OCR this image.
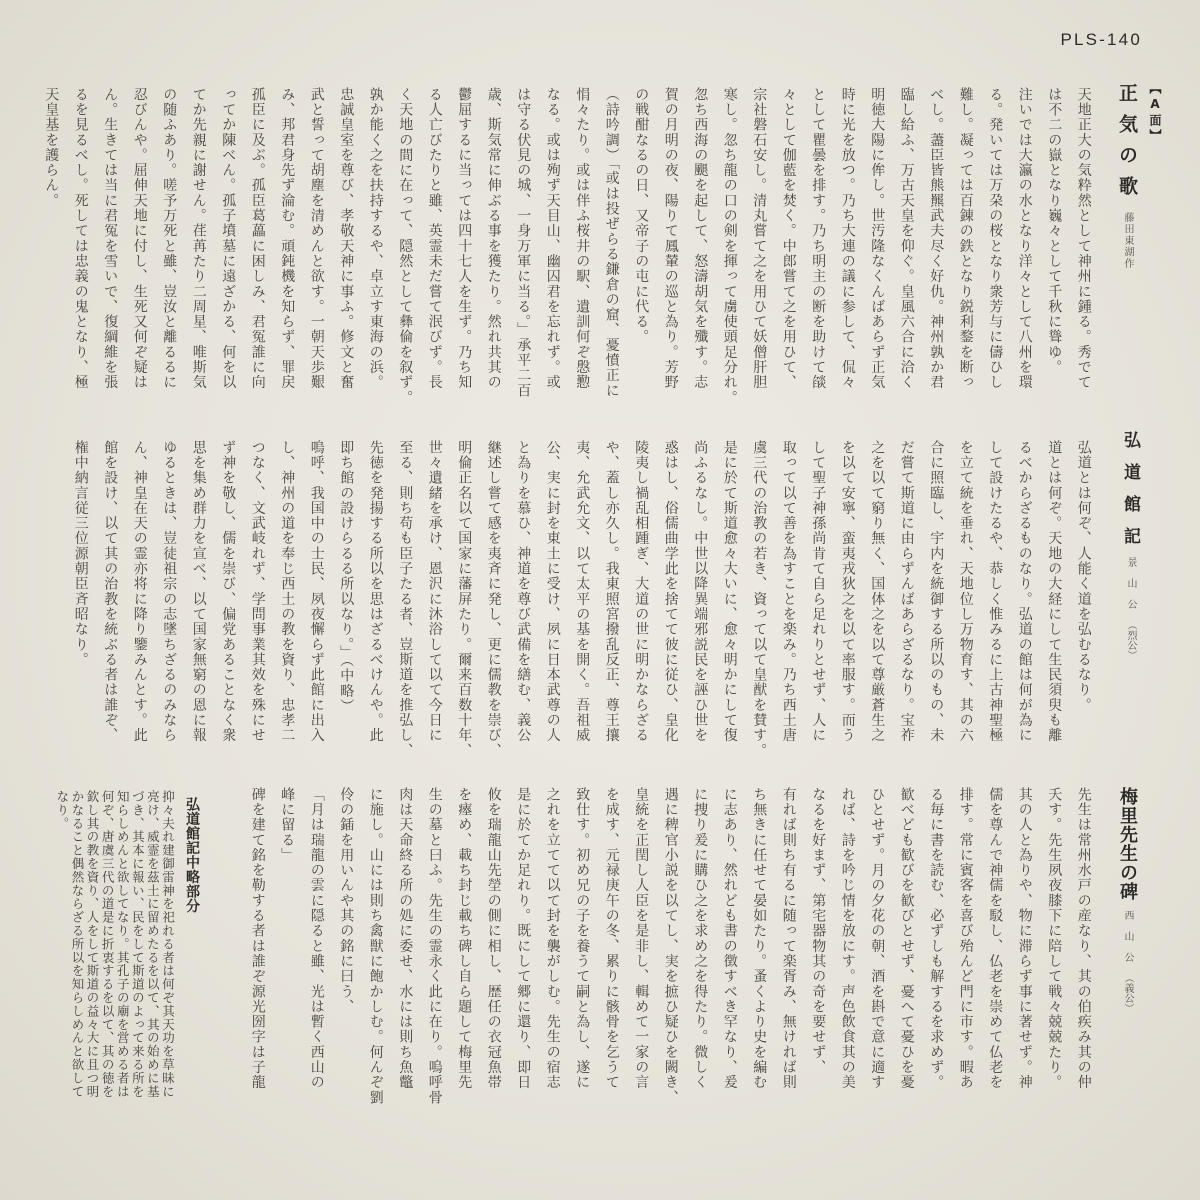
PLS-140
【A面】
正気の歌
藤田東湖作
天地正大の気粋然として神州に鍾る。秀でて
は不二の嶽となり巍々として千秋に聳ゆ。
注いでは大瀛の水となり洋々として八州を環
る。発いては万朶の桜となり衆芳与に儔ひし
難し。凝っては百錬の鉄となり鋭利鍪を断っ
べし。藎臣皆熊羆武夫尽く好仇。神州孰か君
臨し給ふ、万古天皇を仰ぐ。皇風六合に洽く
明徳大陽に侔し。世汚隆なくんばあらず正気
時に光を放つ。乃ち大連の議に参して、侃々
として瞿曇を排す。乃ち明主の断を助けて燄
々として伽藍を焚く。中郎嘗て之を用ひて、
宗社磐石安し。清丸嘗て之を用ひて妖僧肝胆
寒し。忽ち龍の口の剣を揮って虜使頭足分れ。
忽ち西海の颶を起して、怒濤胡気を殲す。志
賀の月明の夜、陽りて鳳輦の巡と為り。芳野
の戦酣なるの日、又帝子の屯に代る。
（詩吟調）「或は投ぜらる鎌倉の窟、憂憤正に
悁々たり。或は伴ふ桜井の駅、遺訓何ぞ慇懃
なる。或は殉ず天目山、幽囚君を忘れず。或
は守る伏見の城、一身万軍に当る。」承平二百
歳、斯気常に伸ぶる事を獲たり。然れ共其の
鬱屈するに当っては四十七人を生ず。乃ち知
る人亡びたりと雖、英霊未だ嘗て泯びず。長
く天地の間に在って、隠然として彝倫を叙ず。
孰か能く之を扶持するや、卓立す東海の浜。
忠誠皇室を尊び、孝敬天神に事ふ。修文と奮
武と誓って胡塵を清めんと欲す。一朝天歩艱
み、邦君身先ず淪む。頑鈍機を知らず、罪戻
孤臣に及ぶ。孤臣葛藟に困しみ、君冤誰に向
ってか陳べん。孤子墳墓に遠ざかる、何を以
てか先親に謝せん。荏苒たり二周星、唯斯気
の随ふあり。嗟予万死と雖、豈汝と離るるに
忍びんや。屈伸天地に付し、生死又何ぞ疑は
ん。生きては当に君冤を雪いで、復綱維を張
るを見るべし。死しては忠義の鬼となり、極
天皇基を護らん。
弘道館記
景山公（烈公）
弘道とは何ぞ、人能く道を弘むるなり。
道とは何ぞ。天地の大経にして生民須臾も離
るべからざるものなり。弘道の館は何が為に
して設けたるや、恭しく惟みるに上古神聖極
を立て統を垂れ、天地位し万物育す、其の六
合に照臨し、宇内を統御する所以のもの、未
だ嘗て斯道に由らずんばあらざるなり。宝祚
之を以て窮り無く、国体之を以て尊厳蒼生之
を以て安寧、蛮夷戎狄之を以て率服す。而う
して聖子神孫尚肯て自ら足れりとせず、人に
取って以て善を為すことを楽み。乃ち西土唐
虞三代の治教の若き、資って以て皇猷を賛す。
是に於て斯道愈々大いに、愈々明かにして復
尚ふるなし。中世以降異端邪説民を誣ひ世を
惑はし、俗儒曲学此を捨てて彼に従ひ、皇化
陵夷し禍乱相踵ぎ、大道の世に明かならざる
や、蓋し亦久し。我東照宮撥乱反正、尊王攘
夷、允武允文、以て太平の基を開く。吾祖威
公、実に封を東土に受け、夙に日本武尊の人
と為りを慕ひ、神道を尊び武備を繕む、義公
継述し嘗て感を夷斉に発し、更に儒教を崇び、
明倫正名以て国家に藩屏たり。爾来百数十年、
世々遺緒を承け、恩沢に沐浴して以て今日に
至る、則ち苟も臣子たる者、豈斯道を推弘し、
先徳を発揚する所以を思はざるべけんや。此
即ち館の設けらるる所以なり。」（中略）
嗚呼、我国中の士民、夙夜懈らず此館に出入
し、神州の道を奉じ西土の教を資り、忠孝二
つなく、文武岐れず、学問事業其效を殊にせ
ず神を敬し、儒を崇び、偏党あることなく衆
思を集め群力を宣べ、以て国家無窮の恩に報
ゆるときは、豈徒祖宗の志墜ちざるのみなら
ん、神皇在天の霊亦将に降り鑒みんとす。此
館を設け、以て其の治教を統ぶる者は誰ぞ、
権中納言従三位源朝臣斉昭なり。
梅里先生の碑
西山公（義公）
先生は常州水戸の産なり、其の伯疾み其の仲
夭す。先生夙夜膝下に陪して戦々兢兢たり。
其の人と為りや、物に滞らず事に著せず。神
儒を尊んで神儒を駁し、仏老を崇めて仏老を
排す。常に賓客を喜び殆んど門に市す。暇あ
る毎に書を読む、必ずしも解するを求めず。
歓べども歓びを歓びとせず、憂へて憂ひを憂
ひとせず。月の夕花の朝、酒を斟で意に適す
れば、詩を吟じ情を放にす。声色飲食其の美
なるを好まず、第宅器物其の奇を要せず、
有れば則ち有るに随って楽胥み、無ければ則
ち無きに任せて晏如たり。蚤くより史を編む
に志あり、然れども書の徴すべき罕なり、爰
に捜り爰に購ひ之を求め之を得たり。微しく
遇に稗官小説を以てし、実を摭ひ疑ひを闕き、
皇統を正閏し人臣を是非し、輯めて一家の言
を成す、元禄庚午の冬、累りに骸骨を乞うて
致仕す。初め兄の子を養うて嗣と為し、遂に
之れを立てて以て封を襲がしむ。先生の宿志
是に於てか足れり。既にして郷に還り、即日
攸を瑞龍山先塋の側に相し、歴任の衣冠魚帯
を瘞め、載ち封じ載ち碑し自ら題して梅里先
生の墓と曰ふ。先生の霊永く此に在り。嗚呼骨
肉は天命終る所の処に委せ、水には則ち魚鼈
に施し。山には則ち禽獣に飽かしむ。何んぞ劉
伶の鍤を用いんや其の銘に曰う、
「月は瑞龍の雲に隠ると雖、光は暫く西山の
峰に留る」
碑を建て銘を勒する者は誰ぞ源光圀字は子龍
弘道館記中略部分
抑々夫れ建御雷神を祀れる者は何ぞ其天功を草昧に
亮け、威霊を茲土に留めたるを以て、其の始めに基
づき、其本に報い、民をして斯道のよって来る所を
知らしめんと欲してなり。其孔子の廟を営める者は
何ぞ、唐虞三代の道是に折衷するを以て、其の徳を
欽し其の教を資り、人をして斯道の益々大に且つ明
かなること偶然ならざる所以を知らしめんと欲して
なり。
